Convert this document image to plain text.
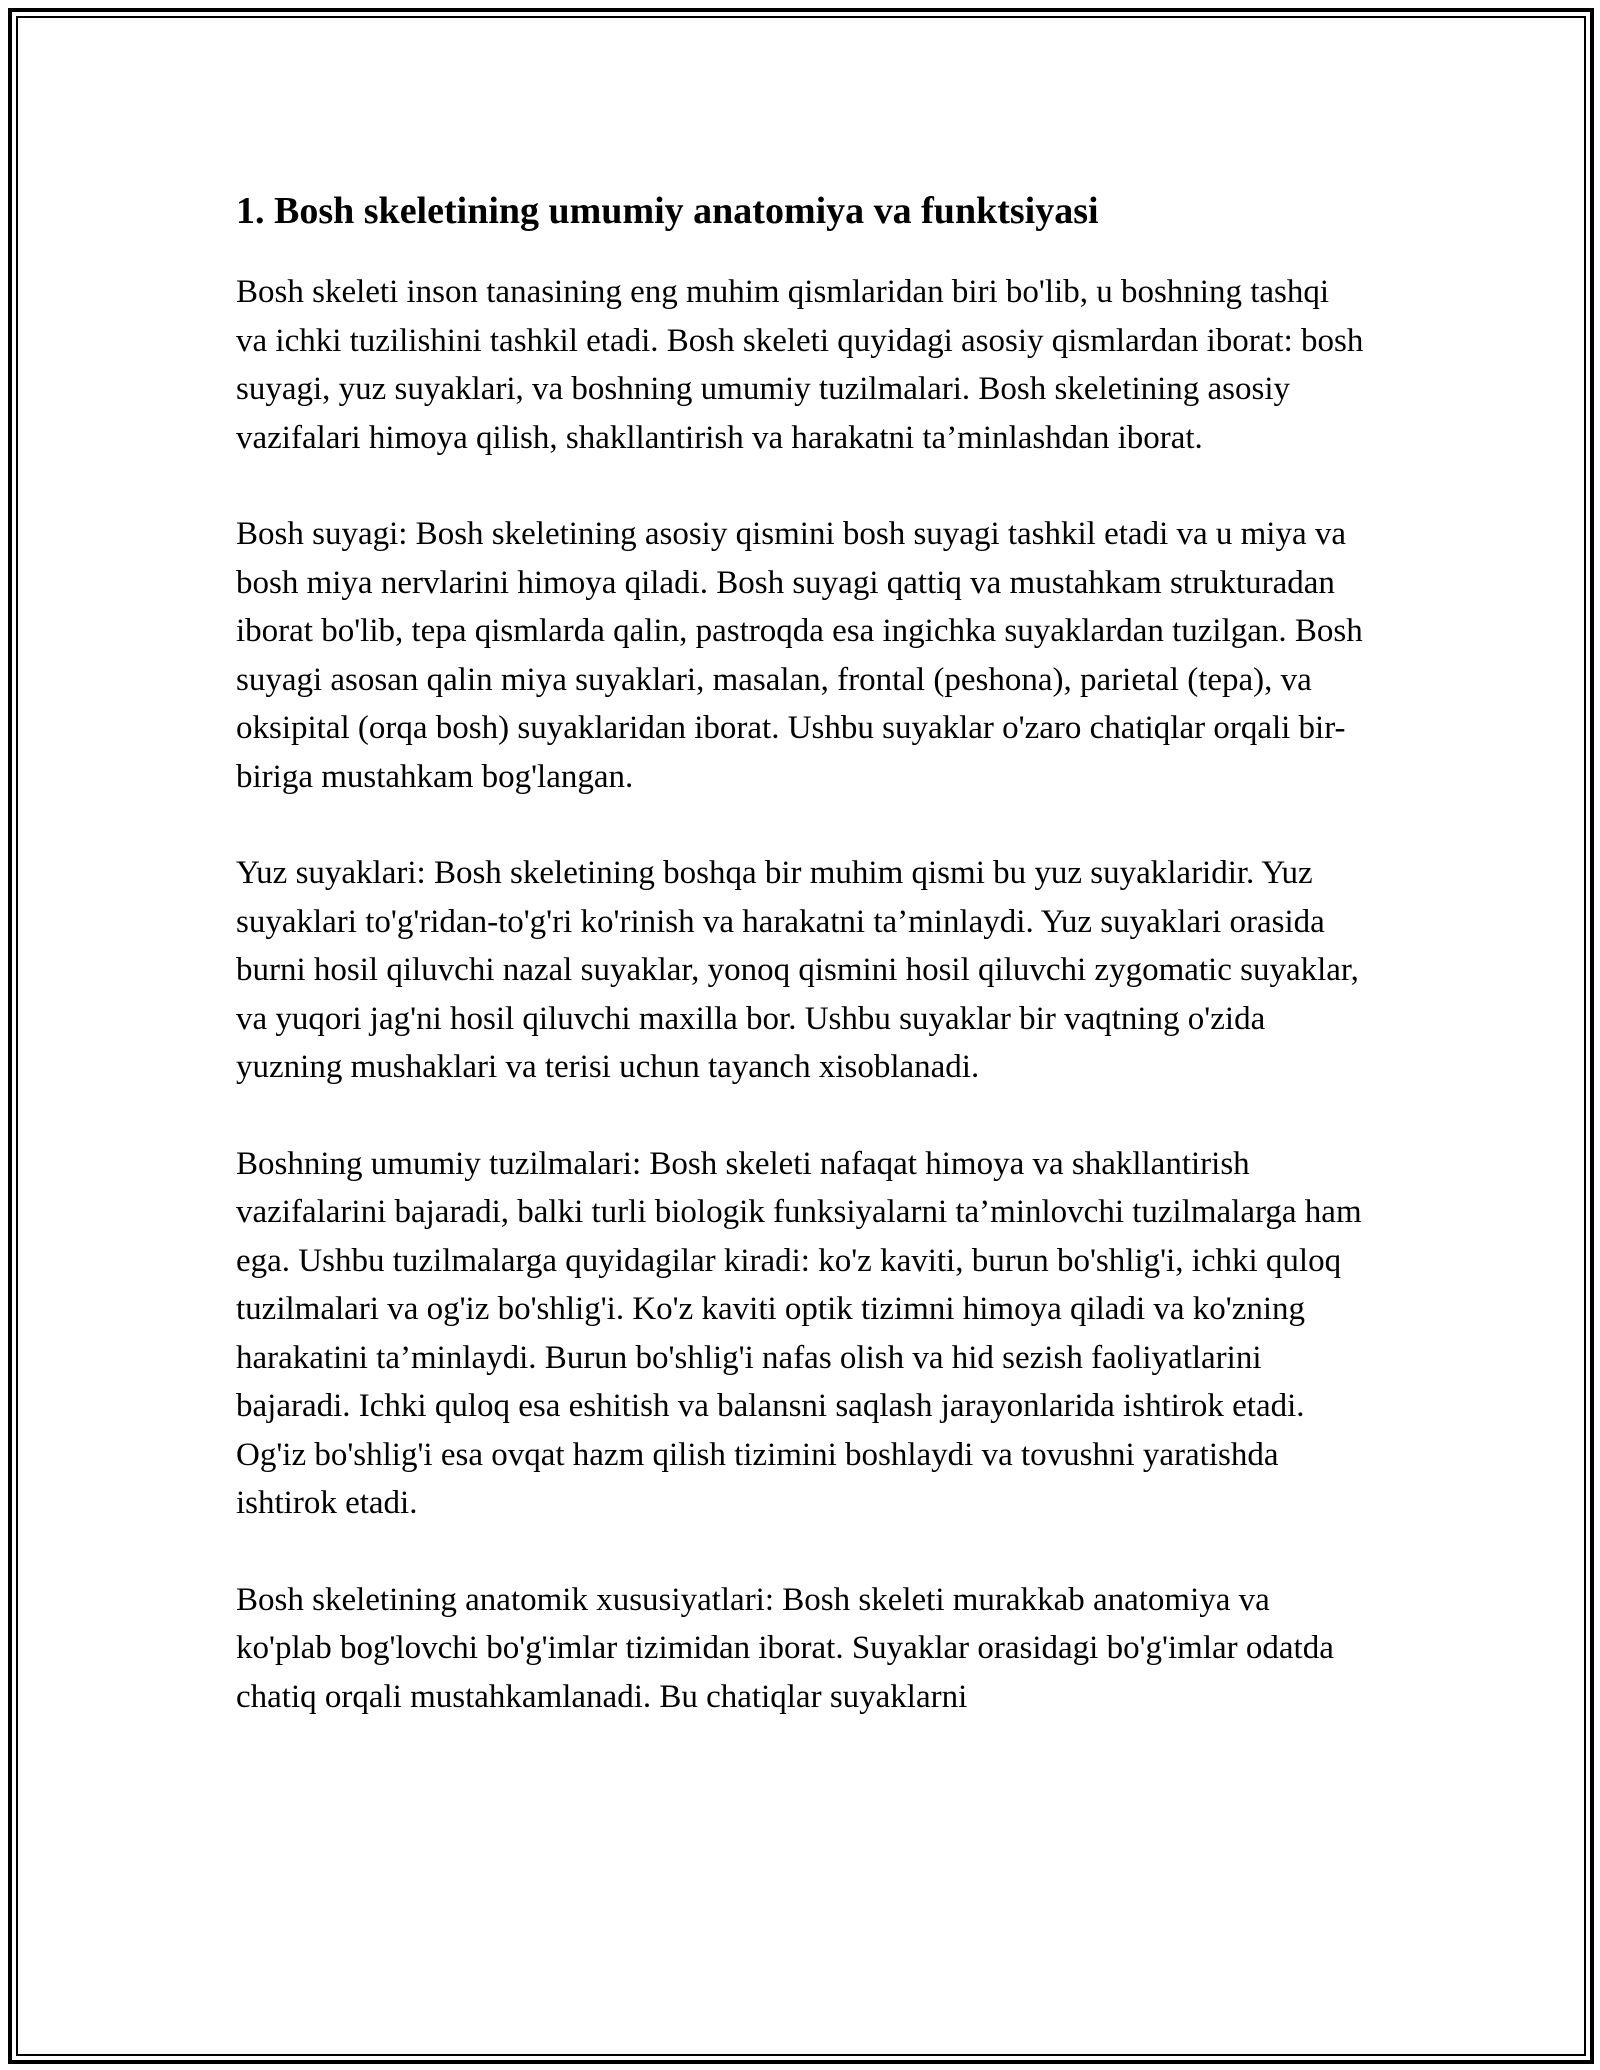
1. Bosh skeletining umumiy anatomiya va funktsiyasi

Bosh skeleti inson tanasining eng muhim qismlaridan biri bo'lib, u boshning tashqi va ichki tuzilishini tashkil etadi. Bosh skeleti quyidagi asosiy qismlardan iborat: bosh suyagi, yuz suyaklari, va boshning umumiy tuzilmalari. Bosh skeletining asosiy vazifalari himoya qilish, shakllantirish va harakatni ta’minlashdan iborat.

Bosh suyagi: Bosh skeletining asosiy qismini bosh suyagi tashkil etadi va u miya va bosh miya nervlarini himoya qiladi. Bosh suyagi qattiq va mustahkam strukturadan iborat bo'lib, tepa qismlarda qalin, pastroqda esa ingichka suyaklardan tuzilgan. Bosh suyagi asosan qalin miya suyaklari, masalan, frontal (peshona), parietal (tepa), va oksipital (orqa bosh) suyaklaridan iborat. Ushbu suyaklar o'zaro chatiqlar orqali bir-biriga mustahkam bog'langan.

Yuz suyaklari: Bosh skeletining boshqa bir muhim qismi bu yuz suyaklaridir. Yuz suyaklari to'g'ridan-to'g'ri ko'rinish va harakatni ta’minlaydi. Yuz suyaklari orasida burni hosil qiluvchi nazal suyaklar, yonoq qismini hosil qiluvchi zygomatic suyaklar, va yuqori jag'ni hosil qiluvchi maxilla bor. Ushbu suyaklar bir vaqtning o'zida yuzning mushaklari va terisi uchun tayanch xisoblanadi.

Boshning umumiy tuzilmalari: Bosh skeleti nafaqat himoya va shakllantirish vazifalarini bajaradi, balki turli biologik funksiyalarni ta’minlovchi tuzilmalarga ham ega. Ushbu tuzilmalarga quyidagilar kiradi: ko'z kaviti, burun bo'shlig'i, ichki quloq tuzilmalari va og'iz bo'shlig'i. Ko'z kaviti optik tizimni himoya qiladi va ko'zning harakatini ta’minlaydi. Burun bo'shlig'i nafas olish va hid sezish faoliyatlarini bajaradi. Ichki quloq esa eshitish va balansni saqlash jarayonlarida ishtirok etadi. Og'iz bo'shlig'i esa ovqat hazm qilish tizimini boshlaydi va tovushni yaratishda ishtirok etadi.

Bosh skeletining anatomik xususiyatlari: Bosh skeleti murakkab anatomiya va ko'plab bog'lovchi bo'g'imlar tizimidan iborat. Suyaklar orasidagi bo'g'imlar odatda chatiq orqali mustahkamlanadi. Bu chatiqlar suyaklarni
